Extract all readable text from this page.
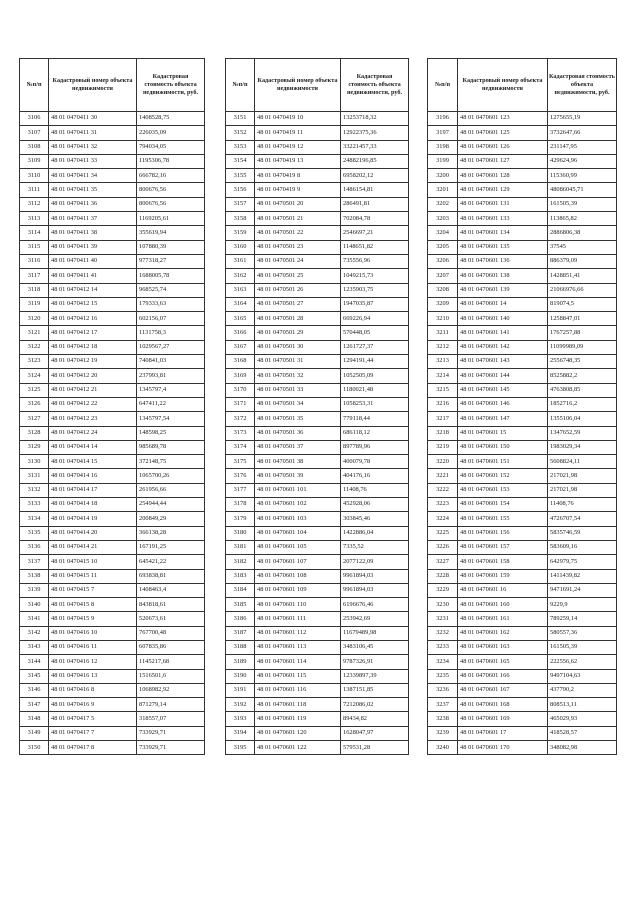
№п/п	Кадастровый номер объекта недвижимости	Кадастровая стоимость объекта недвижимости, руб.
3106	48 01 0470411 30	1408528,75
3107	48 01 0470411 31	226035,09
3108	48 01 0470411 32	794034,05
3109	48 01 0470411 33	1195306,78
3110	48 01 0470411 34	666782,16
3111	48 01 0470411 35	800676,56
3112	48 01 0470411 36	800676,56
3113	48 01 0470411 37	1169205,61
3114	48 01 0470411 38	355619,94
3115	48 01 0470411 39	107880,39
3116	48 01 0470411 40	977318,27
3117	48 01 0470411 41	1688005,78
3118	48 01 0470412 14	968525,74
3119	48 01 0470412 15	179333,63
3120	48 01 0470412 16	602156,07
3121	48 01 0470412 17	1131758,3
3122	48 01 0470412 18	1029567,27
3123	48 01 0470412 19	740841,03
3124	48 01 0470412 20	237993,81
3125	48 01 0470412 21	1345797,4
3126	48 01 0470412 22	647411,22
3127	48 01 0470412 23	1345797,54
3128	48 01 0470412 24	148598,25
3129	48 01 0470414 14	985689,78
3130	48 01 0470414 15	372148,75
3131	48 01 0470414 16	1065700,26
3132	48 01 0470414 17	261956,66
3133	48 01 0470414 18	254944,44
3134	48 01 0470414 19	200849,29
3135	48 01 0470414 20	366138,28
3136	48 01 0470414 21	167191,25
3137	48 01 0470415 10	645421,22
3138	48 01 0470415 11	693838,81
3139	48 01 0470415 7	1408463,4
3140	48 01 0470415 8	843818,61
3141	48 01 0470415 9	520673,61
3142	48 01 0470416 10	767700,48
3143	48 01 0470416 11	607835,86
3144	48 01 0470416 12	1145217,68
3145	48 01 0470416 13	1516501,6
3146	48 01 0470416 8	1068982,92
3147	48 01 0470416 9	871279,14
3148	48 01 0470417 5	318557,07
3149	48 01 0470417 7	733929,71
3150	48 01 0470417 8	733929,71
№п/п	Кадастровый номер объекта недвижимости	Кадастровая стоимость объекта недвижимости, руб.
3151	48 01 0470419 10	13253718,32
3152	48 01 0470419 11	12922375,36
3153	48 01 0470419 12	33221457,33
3154	48 01 0470419 13	24882196,85
3155	48 01 0470419 8	6958202,12
3156	48 01 0470419 9	1486154,81
3157	48 01 0470501 20	286491,81
3158	48 01 0470501 21	702084,78
3159	48 01 0470501 22	2546697,21
3160	48 01 0470501 23	1148651,82
3161	48 01 0470501 24	735556,96
3162	48 01 0470501 25	1049215,73
3163	48 01 0470501 26	1235903,75
3164	48 01 0470501 27	1947035,87
3165	48 01 0470501 28	669226,94
3166	48 01 0470501 29	570448,05
3167	48 01 0470501 30	1261727,37
3168	48 01 0470501 31	1294191,44
3169	48 01 0470501 32	1052505,09
3170	48 01 0470501 33	1180021,48
3171	48 01 0470501 34	1058253,31
3172	48 01 0470501 35	779118,44
3173	48 01 0470501 36	686118,12
3174	48 01 0470501 37	897789,96
3175	48 01 0470501 38	400079,78
3176	48 01 0470501 39	404176,16
3177	48 01 0470601 101	11408,76
3178	48 01 0470601 102	452928,06
3179	48 01 0470601 103	303845,46
3180	48 01 0470601 104	1422886,04
3181	48 01 0470601 105	7335,52
3182	48 01 0470601 107	2077122,09
3183	48 01 0470601 108	9961894,03
3184	48 01 0470601 109	9961894,03
3185	48 01 0470601 110	6196676,46
3186	48 01 0470601 111	253942,69
3187	48 01 0470601 112	11679489,98
3188	48 01 0470601 113	3483106,45
3189	48 01 0470601 114	9787326,91
3190	48 01 0470601 115	12339897,39
3191	48 01 0470601 116	1387151,85
3192	48 01 0470601 118	7212086,02
3193	48 01 0470601 119	89434,82
3194	48 01 0470601 120	1628047,97
3195	48 01 0470601 122	579531,28
№п/п	Кадастровый номер объекта недвижимости	Кадастровая стоимость объекта недвижимости, руб.
3196	48 01 0470601 123	1275655,19
3197	48 01 0470601 125	3732647,66
3198	48 01 0470601 126	231147,95
3199	48 01 0470601 127	429624,96
3200	48 01 0470601 128	115360,99
3201	48 01 0470601 129	48086045,71
3202	48 01 0470601 131	161505,39
3203	48 01 0470601 133	113865,82
3204	48 01 0470601 134	2886806,38
3205	48 01 0470601 135	37545
3206	48 01 0470601 136	886379,09
3207	48 01 0470601 138	1428851,41
3208	48 01 0470601 139	21066976,66
3209	48 01 0470601 14	819074,5
3210	48 01 0470601 140	1258847,01
3211	48 01 0470601 141	1767257,88
3212	48 01 0470601 142	11099989,09
3213	48 01 0470601 143	2556748,35
3214	48 01 0470601 144	8525882,2
3215	48 01 0470601 145	4763808,85
3216	48 01 0470601 146	1852716,2
3217	48 01 0470601 147	1355106,04
3218	48 01 0470601 15	1347652,59
3219	48 01 0470601 150	1983029,34
3220	48 01 0470601 151	5608824,11
3221	48 01 0470601 152	217021,98
3222	48 01 0470601 153	217021,98
3223	48 01 0470601 154	11408,76
3224	48 01 0470601 155	4726707,54
3225	48 01 0470601 156	5835746,59
3226	48 01 0470601 157	583609,16
3227	48 01 0470601 158	642979,75
3228	48 01 0470601 159	1411439,82
3229	48 01 0470601 16	9471691,24
3230	48 01 0470601 160	9229,9
3231	48 01 0470601 161	789259,14
3232	48 01 0470601 162	580557,36
3233	48 01 0470601 163	161505,39
3234	48 01 0470601 165	222556,62
3235	48 01 0470601 166	9497104,63
3236	48 01 0470601 167	437790,2
3237	48 01 0470601 168	808513,11
3238	48 01 0470601 169	465029,93
3239	48 01 0470601 17	418528,57
3240	48 01 0470601 170	348082,98
